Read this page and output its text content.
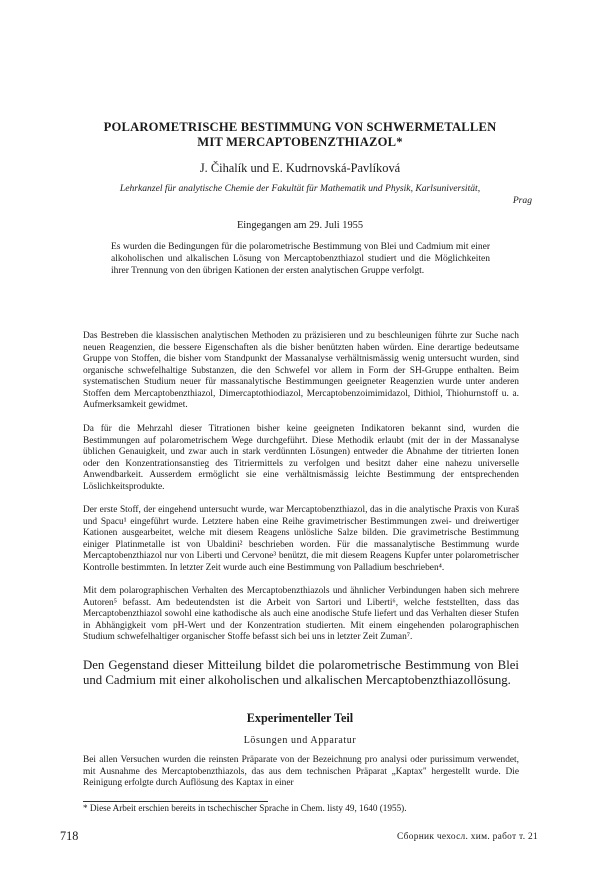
POLAROMETRISCHE BESTIMMUNG VON SCHWERMETALLEN
MIT MERCAPTOBENZTHIAZOL*
J. Čihalík und E. Kudrnovská-Pavlíková
Lehrkanzel für analytische Chemie der Fakultät für Mathematik und Physik, Karlsuniversität,
Prag
Eingegangen am 29. Juli 1955

Es wurden die Bedingungen für die polarometrische Bestimmung von Blei und Cadmium mit einer alkoholischen und alkalischen Lösung von Mercaptobenzthiazol studiert und die Möglichkeiten ihrer Trennung von den übrigen Kationen der ersten analytischen Gruppe verfolgt.

Das Bestreben die klassischen analytischen Methoden zu präzisieren und zu beschleunigen führte zur Suche nach neuen Reagenzien, die bessere Eigenschaften als die bisher benützten haben würden. Eine derartige bedeutsame Gruppe von Stoffen, die bisher vom Standpunkt der Massanalyse verhältnismässig wenig untersucht wurden, sind organische schwefelhaltige Substanzen, die den Schwefel vor allem in Form der SH-Gruppe enthalten. Beim systematischen Studium neuer für massanalytische Bestimmungen geeigneter Reagenzien wurde unter anderen Stoffen dem Mercaptobenzthiazol, Dimercaptothiodiazol, Mercaptobenzoimimidazol, Dithiol, Thiohurnstoff u. a. Aufmerksamkeit gewidmet.

Da für die Mehrzahl dieser Titrationen bisher keine geeigneten Indikatoren bekannt sind, wurden die Bestimmungen auf polarometrischem Wege durchgeführt. Diese Methodik erlaubt (mit der in der Massanalyse üblichen Genauigkeit, und zwar auch in stark verdünnten Lösungen) entweder die Abnahme der titrierten Ionen oder den Konzentrationsanstieg des Titriermittels zu verfolgen und besitzt daher eine nahezu universelle Anwendbarkeit. Ausserdem ermöglicht sie eine verhältnismässig leichte Bestimmung der entsprechenden Löslichkeitsprodukte.

Der erste Stoff, der eingehend untersucht wurde, war Mercaptobenzthiazol, das in die analytische Praxis von Kuraš und Spacu¹ eingeführt wurde. Letztere haben eine Reihe gravimetrischer Bestimmungen zwei- und dreiwertiger Kationen ausgearbeitet, welche mit diesem Reagens unlösliche Salze bilden. Die gravimetrische Bestimmung einiger Platinmetalle ist von Ubaldini² beschrieben worden. Für die massanalytische Bestimmung wurde Mercaptobenzthiazol nur von Liberti und Cervone³ benützt, die mit diesem Reagens Kupfer unter polarometrischer Kontrolle bestimmten. In letzter Zeit wurde auch eine Bestimmung von Palladium beschrieben⁴.

Mit dem polarographischen Verhalten des Mercaptobenzthiazols und ähnlicher Verbindungen haben sich mehrere Autoren⁵ befasst. Am bedeutendsten ist die Arbeit von Sartori und Liberti⁶, welche feststellten, dass das Mercaptobenzthiazol sowohl eine kathodische als auch eine anodische Stufe liefert und das Verhalten dieser Stufen in Abhängigkeit vom pH-Wert und der Konzentration studierten. Mit einem eingehenden polarographischen Studium schwefelhaltiger organischer Stoffe befasst sich bei uns in letzter Zeit Zuman⁷.

Den Gegenstand dieser Mitteilung bildet die polarometrische Bestimmung von Blei und Cadmium mit einer alkoholischen und alkalischen Mercaptobenzthiazollösung.

Experimenteller Teil
Lösungen und Apparatur

Bei allen Versuchen wurden die reinsten Präparate von der Bezeichnung pro analysi oder purissimum verwendet, mit Ausnahme des Mercaptobenzthiazols, das aus dem technischen Präparat „Kaptax" hergestellt wurde. Die Reinigung erfolgte durch Auflösung des Kaptax in einer

* Diese Arbeit erschien bereits in tschechischer Sprache in Chem. listy 49, 1640 (1955).

718	Сборник чехосл. хим. работ т. 21
